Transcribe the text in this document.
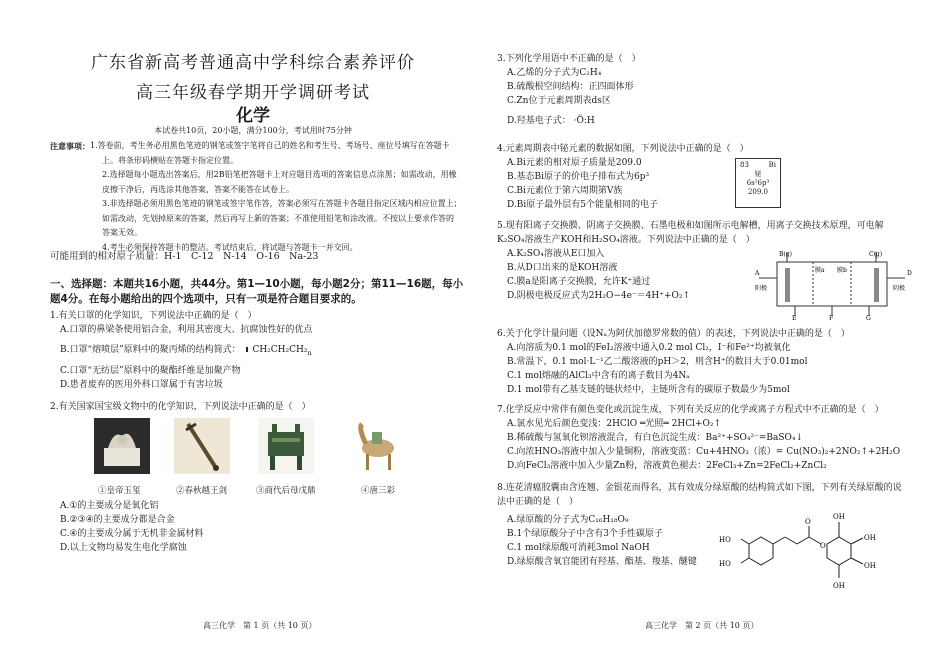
广东省新高考普通高中学科综合素养评价
高三年级春学期开学调研考试
化学
本试卷共10页，20小题，满分100分，考试用时75分钟
注意事项： 1.答卷前，考生务必用黑色笔迹的钢笔或签字笔将自己的姓名和考生号、考场号、座位号填写在答题卡
上。将条形码横贴在答题卡指定位置。
2.选择题每小题选出答案后，用2B铅笔把答题卡上对应题目选项的答案信息点涂黑；如需改动，用橡
皮擦干净后，再选涂其他答案，答案不能答在试卷上。
3.非选择题必须用黑色笔迹的钢笔或签字笔作答，答案必须写在答题卡各题目指定区域内相应位置上；
如需改动，先划掉原来的答案，然后再写上新的答案；不准使用铅笔和涂改液。不按以上要求作答的
答案无效。
4.考生必须保持答题卡的整洁。考试结束后，将试题与答题卡一并交回。
可能用到的相对原子质量：H-1　C-12　N-14　O-16　Na-23
一、选择题：本题共16小题，共44分。第1—10小题，每小题2分；第11—16题，每小题4分。在每小题给出的四个选项中，只有一项是符合题目要求的。
1.有关口罩的化学知识，下列说法中正确的是（　）
A.口罩的鼻梁条使用铝合金，利用其密度大、抗腐蚀性好的优点
B.口罩“熔喷层”原料中的聚丙烯的结构简式： $CH_2CH_2CH_2_n$
C.口罩“无纺层”原料中的聚酯纤维是加聚产物
D.患者废弃的医用外科口罩属于有害垃圾
2.有关国家国宝级文物中的化学知识，下列说法中正确的是（　）
①皇帝玉玺	②春秋越王剑	③商代后母戊鼎	④唐三彩
A.①的主要成分是氧化铝
B.②③④的主要成分都是合金
C.④的主要成分属于无机非金属材料
D.以上文物均易发生电化学腐蚀
高三化学　第 1 页（共 10 页）
3.下列化学用语中不正确的是（　）
A.乙烯的分子式为C₂H₄
B.硫酸根空间结构：正四面体形
C.Zn位于元素周期表ds区
D.羟基电子式： ·Ö:H
4.元素周期表中铋元素的数据如图，下列说法中正确的是（　）
A.Bi元素的相对原子质量是209.0
B.基态Bi原子的价电子排布式为6p³
C.Bi元素位于第六周期第V族
D.Bi原子最外层有5个能量相同的电子
83	Bi
铋
6s²6p³
209.0
5.现有阳离子交换膜、阴离子交换膜、石墨电极和如图所示电解槽，用离子交换技术原理，可电解
K₂SO₄溶液生产KOH和H₂SO₄溶液。下列说法中正确的是（　）
A.K₂SO₄溶液从E口加入
B.从D口出来的是KOH溶液
C.膜a是阳离子交换膜，允许K⁺通过
D.阴极电极反应式为2H₂O−4e⁻＝4H⁺+O₂↑
B(g)	C(g)
A	D
阳极	阴极
膜a 膜b
E	F	G
6.关于化学计量问题（设Nₐ为阿伏加德罗常数的值）的表述，下列说法中正确的是（　）
A.向溶质为0.1 mol的FeI₂溶液中通入0.2 mol Cl₂，I⁻和Fe²⁺均被氧化
B.常温下，0.1 mol·L⁻¹乙二酸溶液的pH＞2，则含H⁺的数目大于0.01mol
C.1 mol熔融的AlCl₃中含有的离子数目为4Nₐ
D.1 mol带有乙基支链的链状烃中，主链所含有的碳原子数最少为5mol
7.化学反应中常伴有颜色变化或沉淀生成，下列有关反应的化学或离子方程式中不正确的是（　）
A.氯水见光后颜色变浅：2HClO ═光照═ 2HCl+O₂↑
B.稀硫酸与氢氧化钡溶液混合，有白色沉淀生成：Ba²⁺+SO₄²⁻=BaSO₄↓
C.向浓HNO₃溶液中加入少量铜粉，溶液变蓝：Cu+4HNO₃（浓）= Cu(NO₃)₂+2NO₂↑+2H₂O
D.向FeCl₃溶液中加入少量Zn粉，溶液黄色褪去：2FeCl₃+Zn=2FeCl₂+ZnCl₂
8.连花清瘟胶囊由含连翘、金银花而得名，其有效成分绿原酸的结构简式如下图，下列有关绿原酸的说
法中正确的是（　）
A.绿原酸的分子式为C₁₆H₁₈O₉
B.1个绿原酸分子中含有3个手性碳原子
C.1 mol绿原酸可消耗3mol NaOH
D.绿原酸含氧官能团有羟基、酯基、羧基、醚键
HO
HO
O
O
OH
OH
OH
OH
高三化学　第 2 页（共 10 页）
